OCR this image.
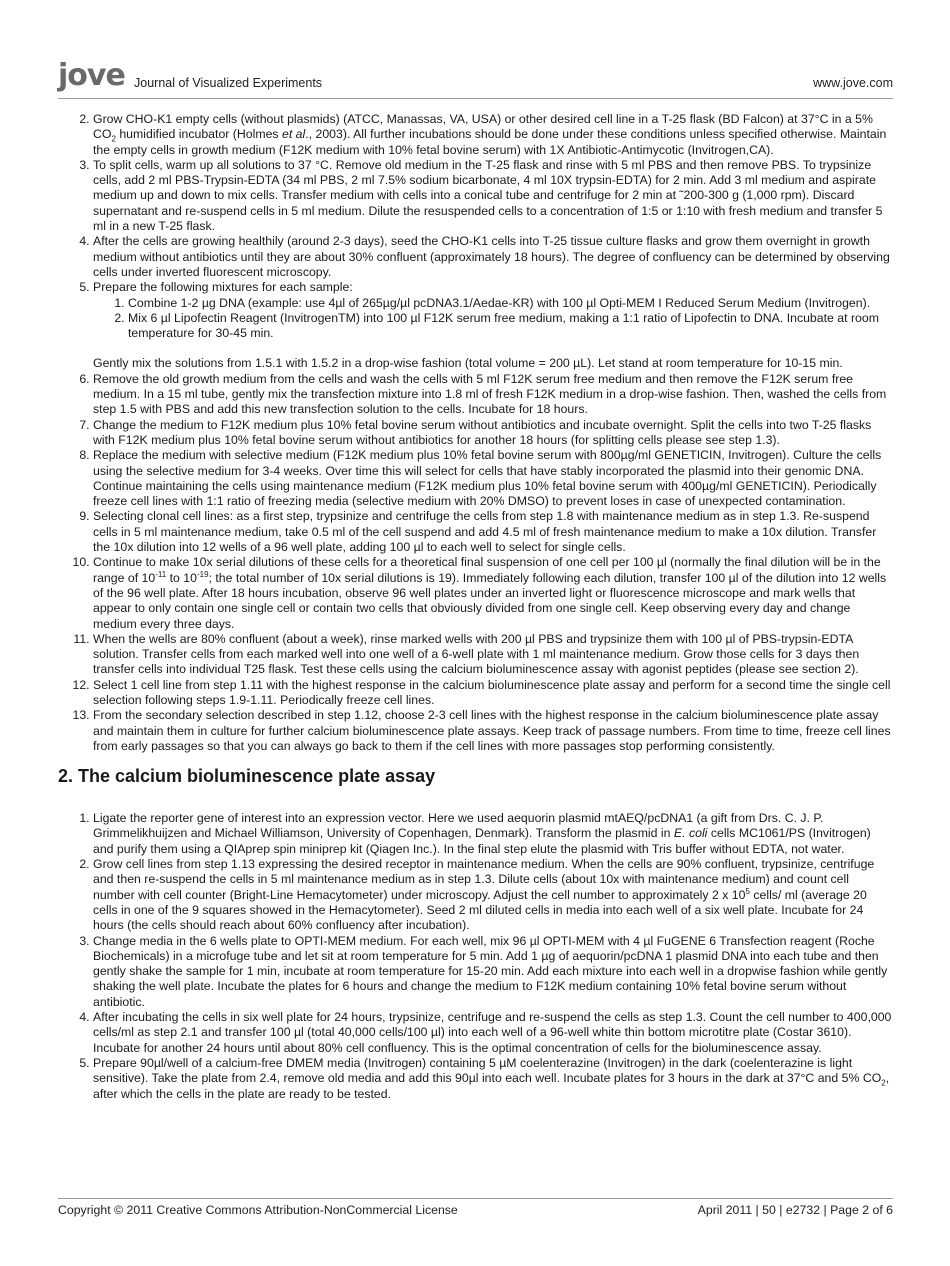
jove Journal of Visualized Experiments	www.jove.com
2. Grow CHO-K1 empty cells (without plasmids) (ATCC, Manassas, VA, USA) or other desired cell line in a T-25 flask (BD Falcon) at 37°C in a 5% $CO_2$ humidified incubator (Holmes et al., 2003). All further incubations should be done under these conditions unless specified otherwise. Maintain the empty cells in growth medium (F12K medium with 10% fetal bovine serum) with 1X Antibiotic-Antimycotic (Invitrogen,CA).
3. To split cells, warm up all solutions to 37 °C. Remove old medium in the T-25 flask and rinse with 5 ml PBS and then remove PBS. To trypsinize cells, add 2 ml PBS-Trypsin-EDTA (34 ml PBS, 2 ml 7.5% sodium bicarbonate, 4 ml 10X trypsin-EDTA) for 2 min. Add 3 ml medium and aspirate medium up and down to mix cells. Transfer medium with cells into a conical tube and centrifuge for 2 min at ˜200-300 g (1,000 rpm). Discard supernatant and re-suspend cells in 5 ml medium. Dilute the resuspended cells to a concentration of 1:5 or 1:10 with fresh medium and transfer 5 ml in a new T-25 flask.
4. After the cells are growing healthily (around 2-3 days), seed the CHO-K1 cells into T-25 tissue culture flasks and grow them overnight in growth medium without antibiotics until they are about 30% confluent (approximately 18 hours). The degree of confluency can be determined by observing cells under inverted fluorescent microscopy.
5. Prepare the following mixtures for each sample:
1. Combine 1-2 µg DNA (example: use 4µl of 265µg/µl pcDNA3.1/Aedae-KR) with 100 µl Opti-MEM I Reduced Serum Medium (Invitrogen).
2. Mix 6 µl Lipofectin Reagent (InvitrogenTM) into 100 µl F12K serum free medium, making a 1:1 ratio of Lipofectin to DNA. Incubate at room temperature for 30-45 min.
Gently mix the solutions from 1.5.1 with 1.5.2 in a drop-wise fashion (total volume = 200 µL). Let stand at room temperature for 10-15 min.
6. Remove the old growth medium from the cells and wash the cells with 5 ml F12K serum free medium and then remove the F12K serum free medium. In a 15 ml tube, gently mix the transfection mixture into 1.8 ml of fresh F12K medium in a drop-wise fashion. Then, washed the cells from step 1.5 with PBS and add this new transfection solution to the cells. Incubate for 18 hours.
7. Change the medium to F12K medium plus 10% fetal bovine serum without antibiotics and incubate overnight. Split the cells into two T-25 flasks with F12K medium plus 10% fetal bovine serum without antibiotics for another 18 hours (for splitting cells please see step 1.3).
8. Replace the medium with selective medium (F12K medium plus 10% fetal bovine serum with 800µg/ml GENETICIN, Invitrogen). Culture the cells using the selective medium for 3-4 weeks. Over time this will select for cells that have stably incorporated the plasmid into their genomic DNA. Continue maintaining the cells using maintenance medium (F12K medium plus 10% fetal bovine serum with 400µg/ml GENETICIN). Periodically freeze cell lines with 1:1 ratio of freezing media (selective medium with 20% DMSO) to prevent loses in case of unexpected contamination.
9. Selecting clonal cell lines: as a first step, trypsinize and centrifuge the cells from step 1.8 with maintenance medium as in step 1.3. Re-suspend cells in 5 ml maintenance medium, take 0.5 ml of the cell suspend and add 4.5 ml of fresh maintenance medium to make a 10x dilution. Transfer the 10x dilution into 12 wells of a 96 well plate, adding 100 µl to each well to select for single cells.
10. Continue to make 10x serial dilutions of these cells for a theoretical final suspension of one cell per 100 µl (normally the final dilution will be in the range of $10^{-11}$ to $10^{-19}$; the total number of 10x serial dilutions is 19). Immediately following each dilution, transfer 100 µl of the dilution into 12 wells of the 96 well plate. After 18 hours incubation, observe 96 well plates under an inverted light or fluorescence microscope and mark wells that appear to only contain one single cell or contain two cells that obviously divided from one single cell. Keep observing every day and change medium every three days.
11. When the wells are 80% confluent (about a week), rinse marked wells with 200 µl PBS and trypsinize them with 100 µl of PBS-trypsin-EDTA solution. Transfer cells from each marked well into one well of a 6-well plate with 1 ml maintenance medium. Grow those cells for 3 days then transfer cells into individual T25 flask. Test these cells using the calcium bioluminescence assay with agonist peptides (please see section 2).
12. Select 1 cell line from step 1.11 with the highest response in the calcium bioluminescence plate assay and perform for a second time the single cell selection following steps 1.9-1.11. Periodically freeze cell lines.
13. From the secondary selection described in step 1.12, choose 2-3 cell lines with the highest response in the calcium bioluminescence plate assay and maintain them in culture for further calcium bioluminescence plate assays. Keep track of passage numbers. From time to time, freeze cell lines from early passages so that you can always go back to them if the cell lines with more passages stop performing consistently.
2. The calcium bioluminescence plate assay
1. Ligate the reporter gene of interest into an expression vector. Here we used aequorin plasmid mtAEQ/pcDNA1 (a gift from Drs. C. J. P. Grimmelikhuijzen and Michael Williamson, University of Copenhagen, Denmark). Transform the plasmid in E. coli cells MC1061/PS (Invitrogen) and purify them using a QIAprep spin miniprep kit (Qiagen Inc.). In the final step elute the plasmid with Tris buffer without EDTA, not water.
2. Grow cell lines from step 1.13 expressing the desired receptor in maintenance medium. When the cells are 90% confluent, trypsinize, centrifuge and then re-suspend the cells in 5 ml maintenance medium as in step 1.3. Dilute cells (about 10x with maintenance medium) and count cell number with cell counter (Bright-Line Hemacytometer) under microscopy. Adjust the cell number to approximately 2 x $10^5$ cells/ ml (average 20 cells in one of the 9 squares showed in the Hemacytometer). Seed 2 ml diluted cells in media into each well of a six well plate. Incubate for 24 hours (the cells should reach about 60% confluency after incubation).
3. Change media in the 6 wells plate to OPTI-MEM medium. For each well, mix 96 µl OPTI-MEM with 4 µl FuGENE 6 Transfection reagent (Roche Biochemicals) in a microfuge tube and let sit at room temperature for 5 min. Add 1 µg of aequorin/pcDNA 1 plasmid DNA into each tube and then gently shake the sample for 1 min, incubate at room temperature for 15-20 min. Add each mixture into each well in a dropwise fashion while gently shaking the well plate. Incubate the plates for 6 hours and change the medium to F12K medium containing 10% fetal bovine serum without antibiotic.
4. After incubating the cells in six well plate for 24 hours, trypsinize, centrifuge and re-suspend the cells as step 1.3. Count the cell number to 400,000 cells/ml as step 2.1 and transfer 100 µl (total 40,000 cells/100 µl) into each well of a 96-well white thin bottom microtitre plate (Costar 3610). Incubate for another 24 hours until about 80% cell confluency. This is the optimal concentration of cells for the bioluminescence assay.
5. Prepare 90µl/well of a calcium-free DMEM media (Invitrogen) containing 5 µM coelenterazine (Invitrogen) in the dark (coelenterazine is light sensitive). Take the plate from 2.4, remove old media and add this 90µl into each well. Incubate plates for 3 hours in the dark at 37°C and 5% $CO_2$, after which the cells in the plate are ready to be tested.
Copyright © 2011 Creative Commons Attribution-NonCommercial License	April 2011 | 50 | e2732 | Page 2 of 6
